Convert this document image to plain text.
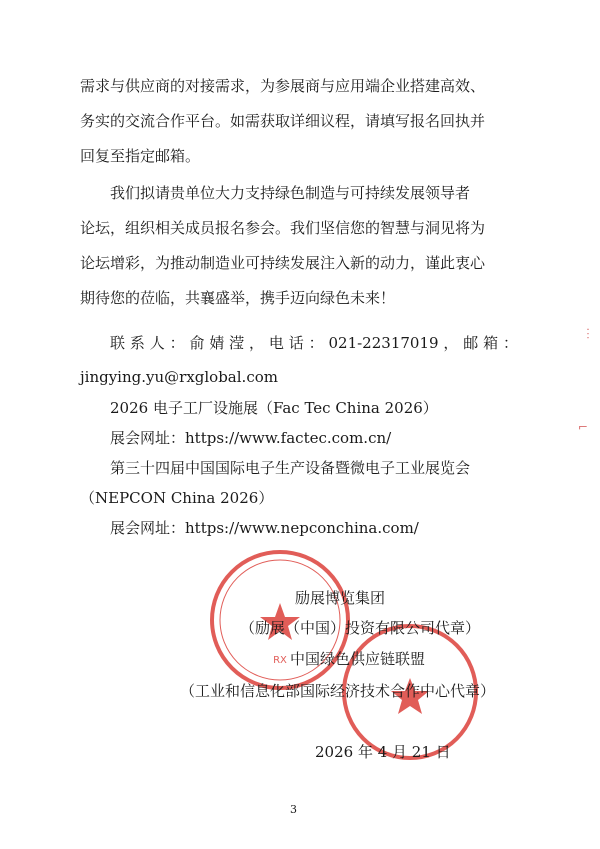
需求与供应商的对接需求，为参展商与应用端企业搭建高效、
务实的交流合作平台。如需获取详细议程，请填写报名回执并
回复至指定邮箱。
我们拟请贵单位大力支持绿色制造与可持续发展领导者
论坛，组织相关成员报名参会。我们坚信您的智慧与洞见将为
论坛增彩，为推动制造业可持续发展注入新的动力，谨此衷心
期待您的莅临，共襄盛举，携手迈向绿色未来！
联系人：俞婧滢，电话：021-22317019，邮箱：
jingying.yu@rxglobal.com
2026 电子工厂设施展（Fac Tec China 2026）
展会网址：https://www.factec.com.cn/
第三十四届中国国际电子生产设备暨微电子工业展览会
（NEPCON China 2026）
展会网址：https://www.nepconchina.com/
RX
励展博览集团
（励展（中国）投资有限公司代章）
中国绿色供应链联盟
（工业和信息化部国际经济技术合作中心代章）
2026 年 4 月 21 日
︙
⌐
3
